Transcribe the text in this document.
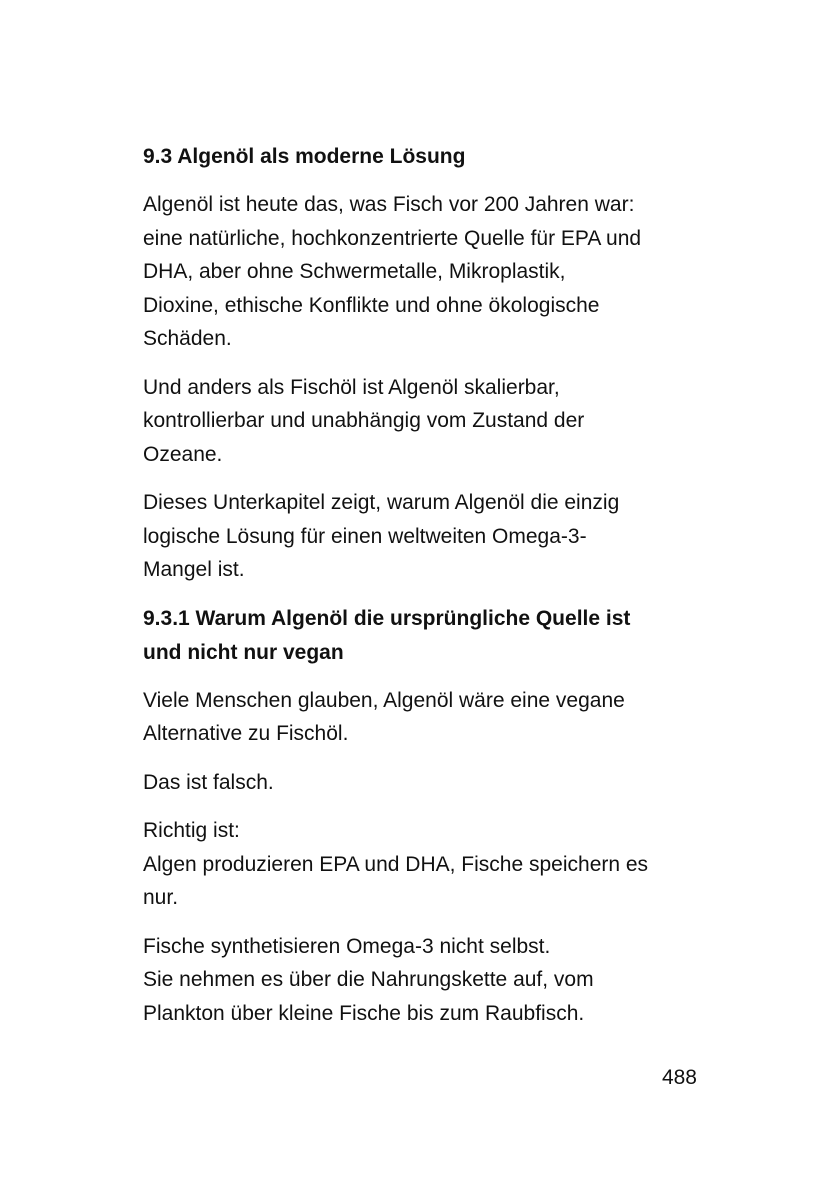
9.3 Algenöl als moderne Lösung
Algenöl ist heute das, was Fisch vor 200 Jahren war:
eine natürliche, hochkonzentrierte Quelle für EPA und
DHA, aber ohne Schwermetalle, Mikroplastik,
Dioxine, ethische Konflikte und ohne ökologische
Schäden.
Und anders als Fischöl ist Algenöl skalierbar,
kontrollierbar und unabhängig vom Zustand der
Ozeane.
Dieses Unterkapitel zeigt, warum Algenöl die einzig
logische Lösung für einen weltweiten Omega-3-
Mangel ist.
9.3.1 Warum Algenöl die ursprüngliche Quelle ist
und nicht nur vegan
Viele Menschen glauben, Algenöl wäre eine vegane
Alternative zu Fischöl.
Das ist falsch.
Richtig ist:
Algen produzieren EPA und DHA, Fische speichern es
nur.
Fische synthetisieren Omega-3 nicht selbst.
Sie nehmen es über die Nahrungskette auf, vom
Plankton über kleine Fische bis zum Raubfisch.
488
